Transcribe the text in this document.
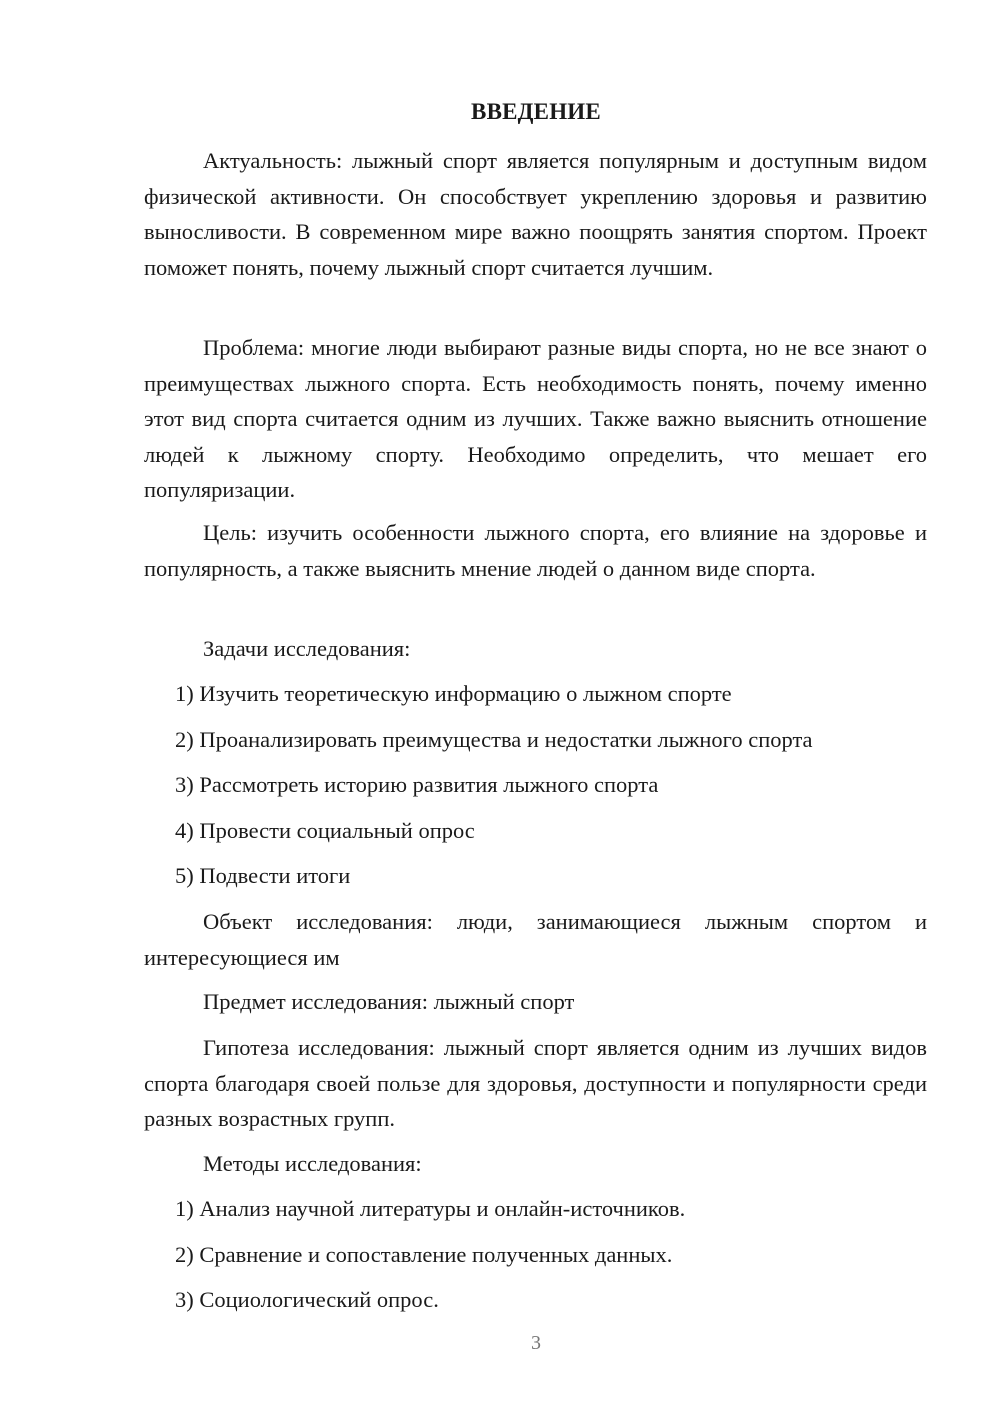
ВВЕДЕНИЕ

Актуальность: лыжный спорт является популярным и доступным видом физической активности. Он способствует укреплению здоровья и развитию выносливости. В современном мире важно поощрять занятия спортом. Проект поможет понять, почему лыжный спорт считается лучшим.

Проблема: многие люди выбирают разные виды спорта, но не все знают о преимуществах лыжного спорта. Есть необходимость понять, почему именно этот вид спорта считается одним из лучших. Также важно выяснить отношение людей к лыжному спорту. Необходимо определить, что мешает его популяризации.

Цель: изучить особенности лыжного спорта, его влияние на здоровье и популярность, а также выяснить мнение людей о данном виде спорта.

Задачи исследования:

1) Изучить теоретическую информацию о лыжном спорте

2) Проанализировать преимущества и недостатки лыжного спорта

3) Рассмотреть историю развития лыжного спорта

4) Провести социальный опрос

5) Подвести итоги

Объект исследования: люди, занимающиеся лыжным спортом и интересующиеся им

Предмет исследования: лыжный спорт

Гипотеза исследования: лыжный спорт является одним из лучших видов спорта благодаря своей пользе для здоровья, доступности и популярности среди разных возрастных групп.

Методы исследования:

1) Анализ научной литературы и онлайн-источников.

2) Сравнение и сопоставление полученных данных.

3) Социологический опрос.

3
